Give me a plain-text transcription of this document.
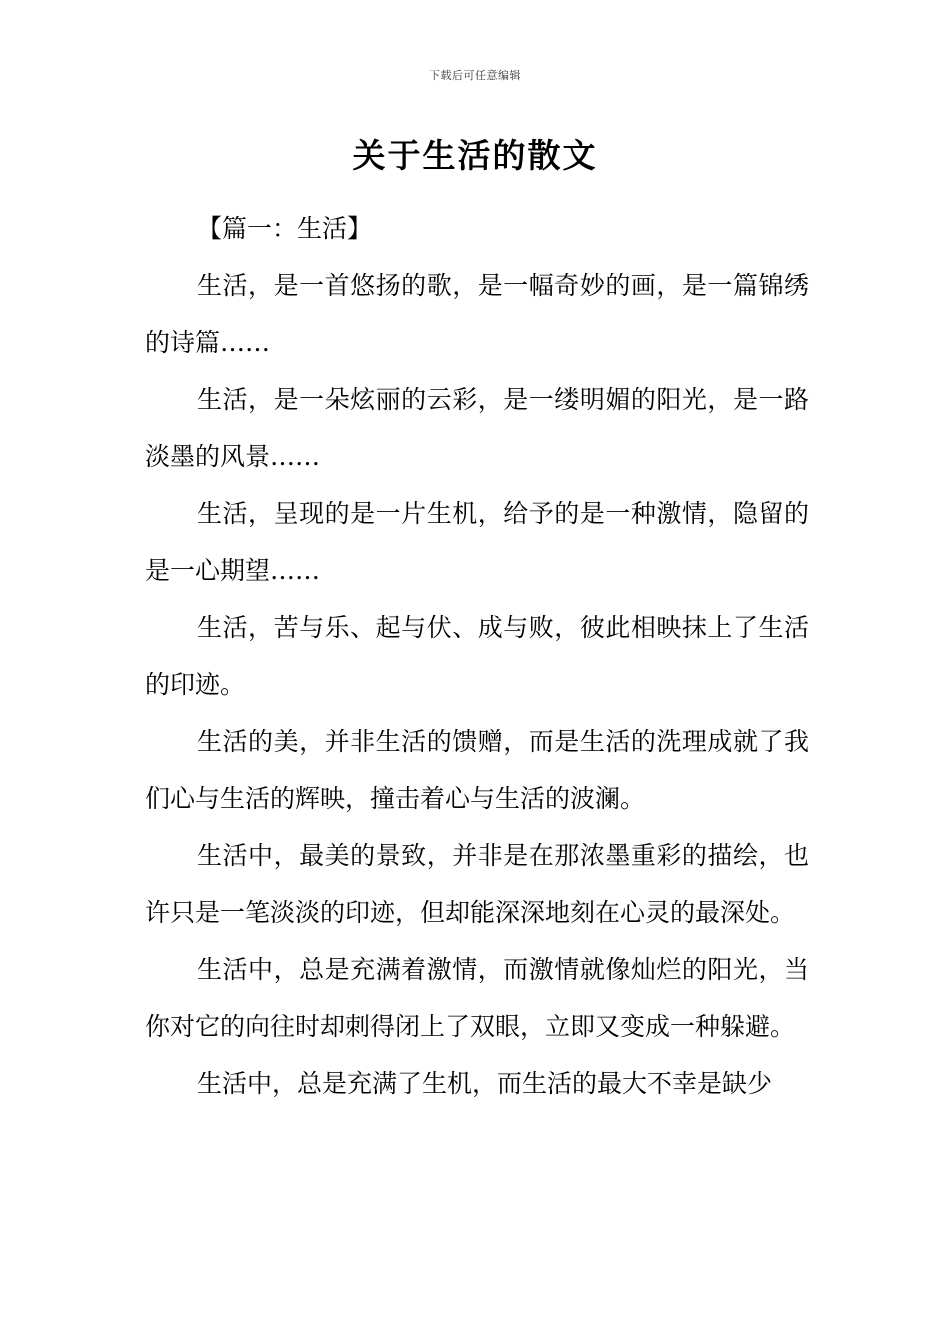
下载后可任意编辑
关于生活的散文

【篇一：生活】

生活，是一首悠扬的歌，是一幅奇妙的画，是一篇锦绣的诗篇……

生活，是一朵炫丽的云彩，是一缕明媚的阳光，是一路淡墨的风景……

生活，呈现的是一片生机，给予的是一种激情，隐留的是一心期望……

生活，苦与乐、起与伏、成与败，彼此相映抹上了生活的印迹。

生活的美，并非生活的馈赠，而是生活的洗理成就了我们心与生活的辉映，撞击着心与生活的波澜。

生活中，最美的景致，并非是在那浓墨重彩的描绘，也许只是一笔淡淡的印迹，但却能深深地刻在心灵的最深处。

生活中，总是充满着激情，而激情就像灿烂的阳光，当你对它的向往时却刺得闭上了双眼，立即又变成一种躲避。

生活中，总是充满了生机，而生活的最大不幸是缺少
